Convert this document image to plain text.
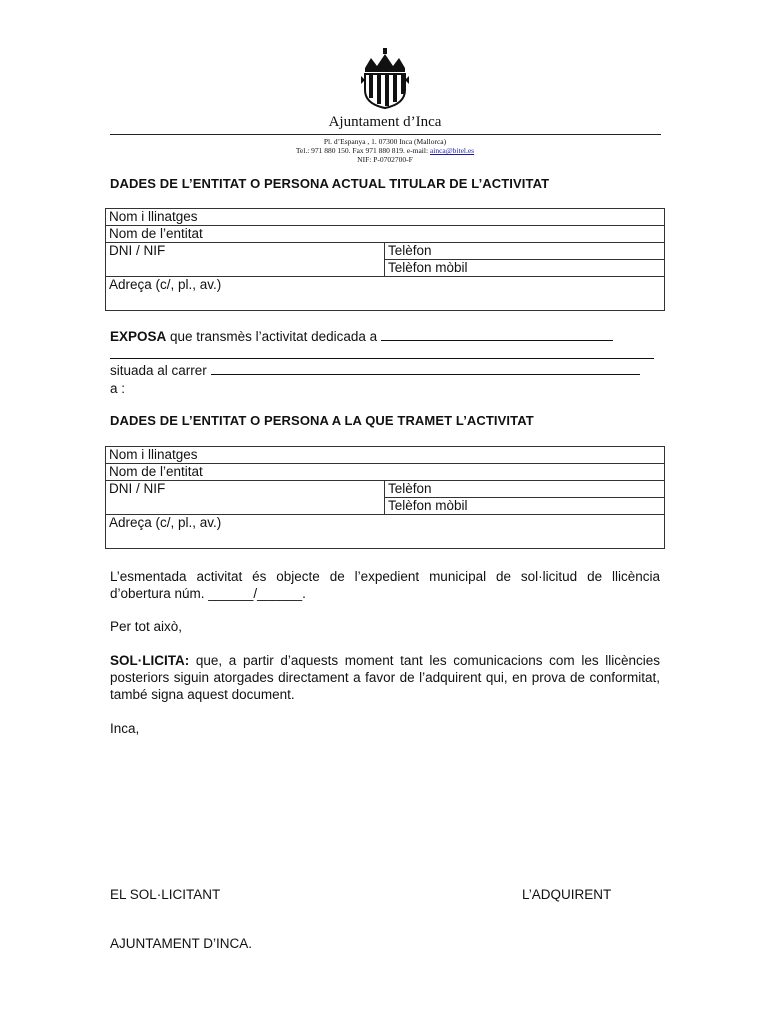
Ajuntament d’Inca
Pl. d’Espanya , 1. 07300 Inca (Mallorca)
Tel.: 971 880 150. Fax 971 880 819. e-mail: ainca@bitel.es
NIF: P-0702700-F
DADES DE L’ENTITAT O PERSONA ACTUAL TITULAR DE L’ACTIVITAT
Nom i llinatges
Nom de l’entitat
DNI / NIF	Telèfon
Telèfon mòbil
Adreça (c/, pl., av.)
EXPOSA que transmès l’activitat dedicada a
situada al carrer
a :
DADES DE L’ENTITAT O PERSONA A LA QUE TRAMET L’ACTIVITAT
Nom i llinatges
Nom de l’entitat
DNI / NIF	Telèfon
Telèfon mòbil
Adreça (c/, pl., av.)
L’esmentada activitat és objecte de l’expedient municipal de sol·licitud de llicència d’obertura núm. ______/______.
Per tot això,
SOL·LICITA: que, a partir d’aquests moment tant les comunicacions com les llicències posteriors siguin atorgades directament a favor de l’adquirent qui, en prova de conformitat, també signa aquest document.
Inca,
EL SOL·LICITANT	L’ADQUIRENT
AJUNTAMENT D’INCA.
